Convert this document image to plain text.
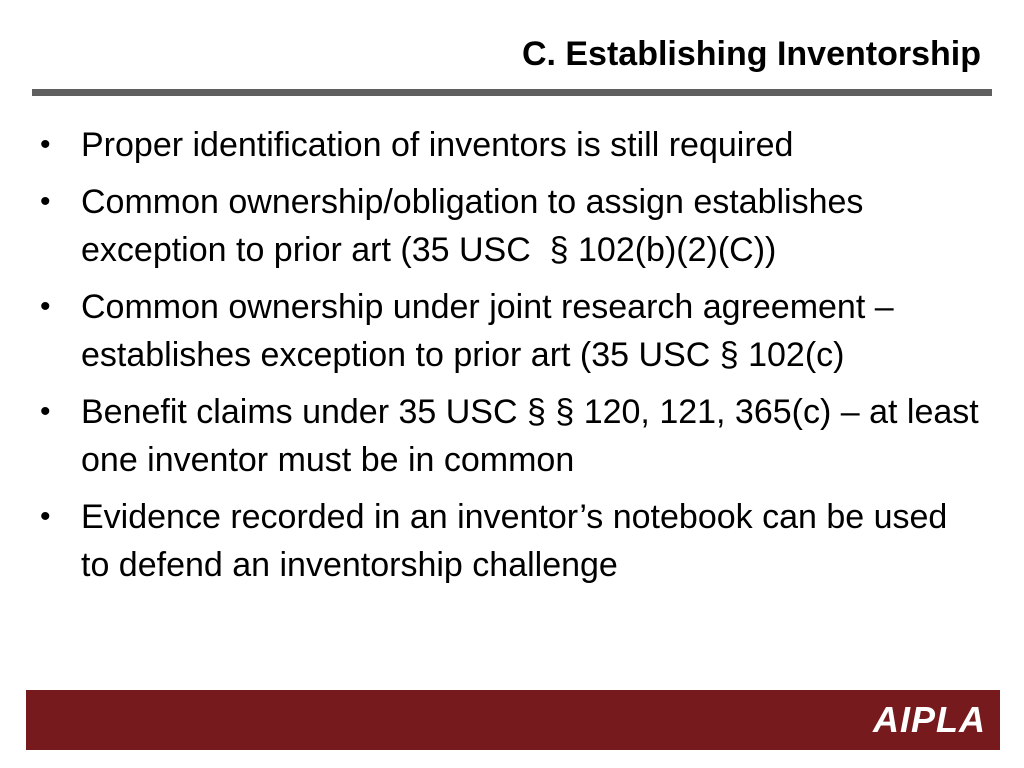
C. Establishing Inventorship
• Proper identification of inventors is still required
• Common ownership/obligation to assign establishes exception to prior art (35 USC  § 102(b)(2)(C))
• Common ownership under joint research agreement – establishes exception to prior art (35 USC § 102(c)
• Benefit claims under 35 USC § § 120, 121, 365(c) – at least one inventor must be in common
• Evidence recorded in an inventor’s notebook can be used to defend an inventorship challenge
AIPLA
